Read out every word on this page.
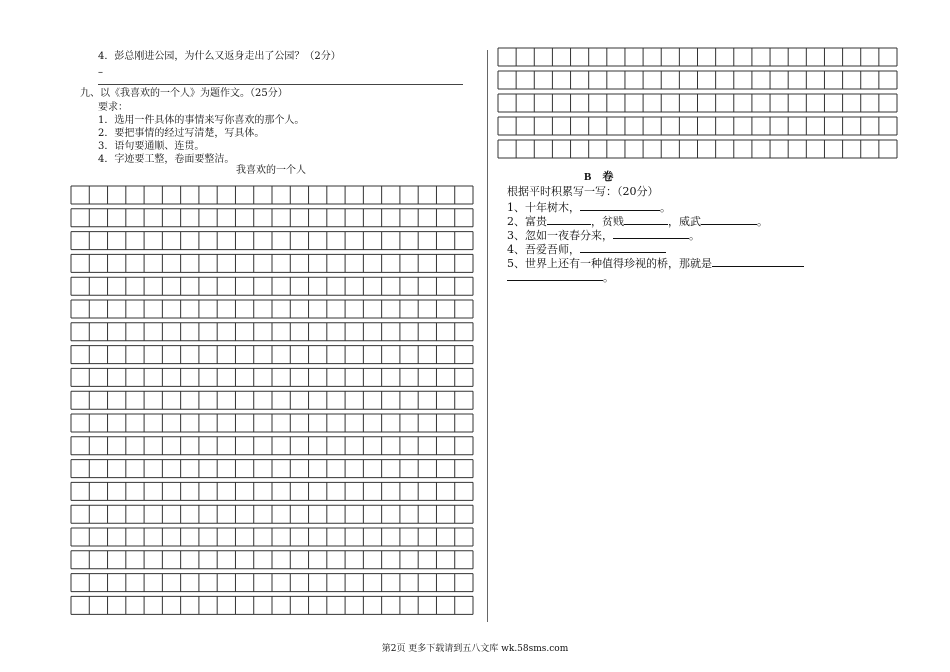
4．彭总刚进公园，为什么又返身走出了公园？（2分）
–
九、以《我喜欢的一个人》为题作文。（25分）
要求：
1．选用一件具体的事情来写你喜欢的那个人。
2．要把事情的经过写清楚，写具体。
3．语句要通顺、连贯。
4．字迹要工整，卷面要整洁。
我喜欢的一个人
B　卷
根据平时积累写一写：（20分）
1、十年树木，	。
2、富贵	，贫贱	，威武	。
3、忽如一夜春分来，	。
4、吾爱吾师，
5、世界上还有一种值得珍视的桥，那就是
。
第2页 更多下载请到五八文库 wk.58sms.com
